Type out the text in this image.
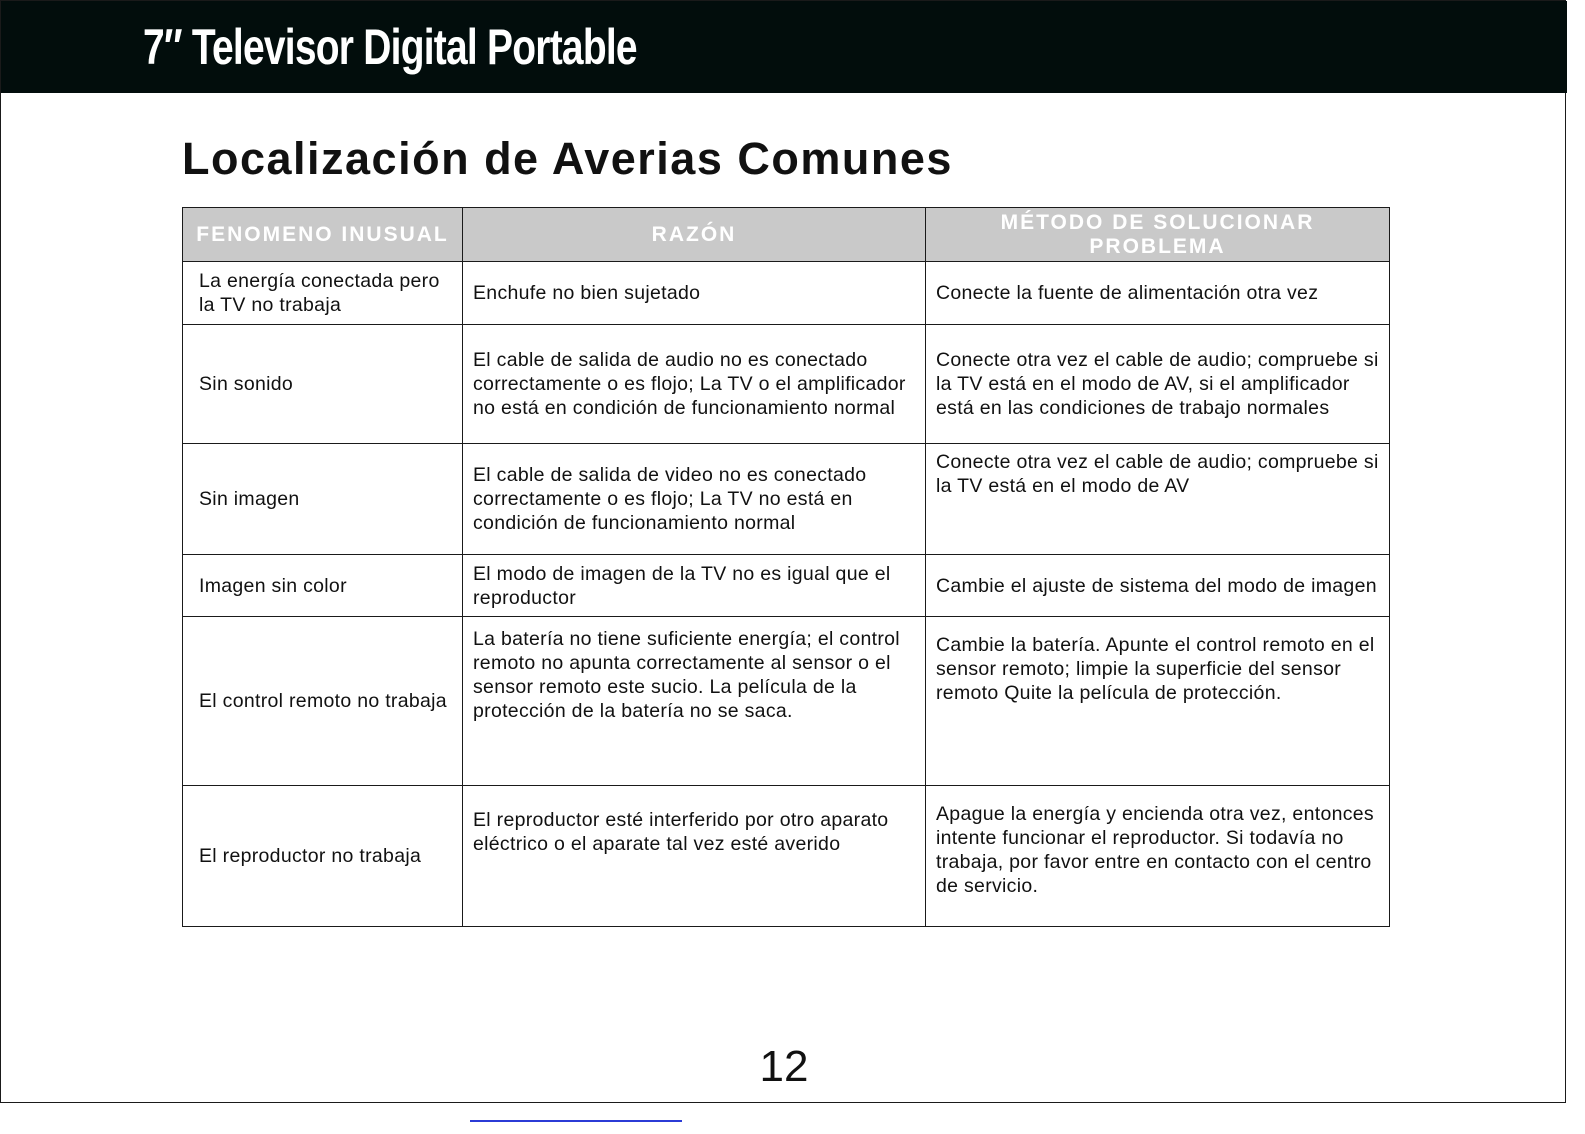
7″ Televisor Digital Portable
Localización de Averias Comunes
FENOMENO INUSUAL	RAZÓN	MÉTODO DE SOLUCIONAR PROBLEMA
La energía conectada pero la TV no trabaja	Enchufe no bien sujetado	Conecte la fuente de alimentación otra vez
Sin sonido	El cable de salida de audio no es conectado correctamente o es flojo; La TV o el amplificador no está en condición de funcionamiento normal	Conecte otra vez el cable de audio; compruebe si la TV está en el modo de AV, si el amplificador está en las condiciones de trabajo normales
Sin imagen	El cable de salida de video no es conectado correctamente o es flojo; La TV no está en condición de funcionamiento normal	Conecte otra vez el cable de audio; compruebe si la TV está en el modo de AV
Imagen sin color	El modo de imagen de la TV no es igual que el reproductor	Cambie el ajuste de sistema del modo de imagen
El control remoto no trabaja	La batería no tiene suficiente energía; el control remoto no apunta correctamente al sensor o el sensor remoto este sucio. La película de la protección de la batería no se saca.	Cambie la batería. Apunte el control remoto en el sensor remoto; limpie la superficie del sensor remoto Quite la película de protección.
El reproductor no trabaja	El reproductor esté interferido por otro aparato eléctrico o el aparate tal vez esté averido	Apague la energía y encienda otra vez, entonces intente funcionar el reproductor. Si todavía no trabaja, por favor entre en contacto con el centro de servicio.
12
